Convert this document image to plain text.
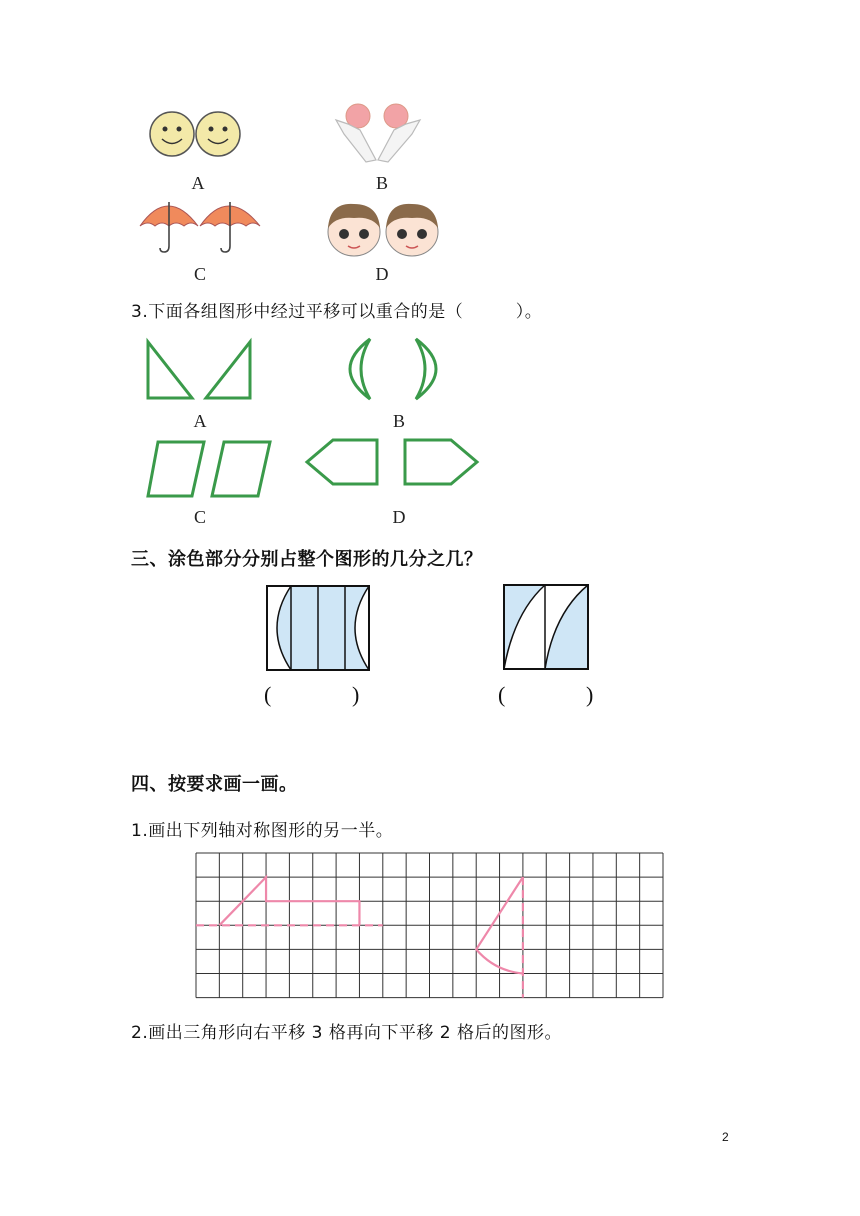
A	B
C	D
3.下面各组图形中经过平移可以重合的是（　　　）。
A	B
C	D
三、涂色部分分别占整个图形的几分之几？
(	)	(	)
四、按要求画一画。
1.画出下列轴对称图形的另一半。
2.画出三角形向右平移 3 格再向下平移 2 格后的图形。
2
